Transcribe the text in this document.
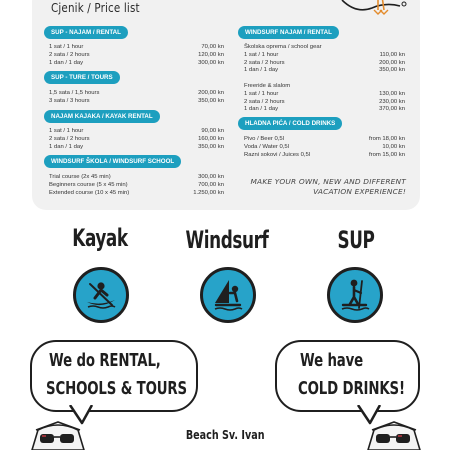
Cjenik / Price list
SUP - NAJAM / RENTAL
1 sat / 1 hour	70,00 kn
2 sata / 2 hours	120,00 kn
1 dan / 1 day	300,00 kn
SUP - TURE / TOURS
1,5 sata / 1,5 hours	200,00 kn
3 sata / 3 hours	350,00 kn
NAJAM KAJAKA / KAYAK RENTAL
1 sat / 1 hour	90,00 kn
2 sata / 2 hours	160,00 kn
1 dan / 1 day	350,00 kn
WINDSURF ŠKOLA / WINDSURF SCHOOL
Trial course (2x 45 min)	300,00 kn
Beginners course (5 x 45 min)	700,00 kn
Extended course (10 x 45 min)	1.250,00 kn
WINDSURF NAJAM / RENTAL
Školska oprema / school gear
1 sat / 1 hour	110,00 kn
2 sata / 2 hours	200,00 kn
1 dan / 1 day	350,00 kn
Freeride & slalom
1 sat / 1 hour	130,00 kn
2 sata / 2 hours	230,00 kn
1 dan / 1 day	370,00 kn
HLADNA PIĆA / COLD DRINKS
Pivo / Beer 0,5l	from 18,00 kn
Voda / Water 0,5l	10,00 kn
Razni sokovi / Juices 0,5l	from 15,00 kn
MAKE YOUR OWN, NEW AND DIFFERENT
VACATION EXPERIENCE!
Kayak	Windsurf	SUP
We do RENTAL,
SCHOOLS & TOURS
We have
COLD DRINKS!
Beach Sv. Ivan
